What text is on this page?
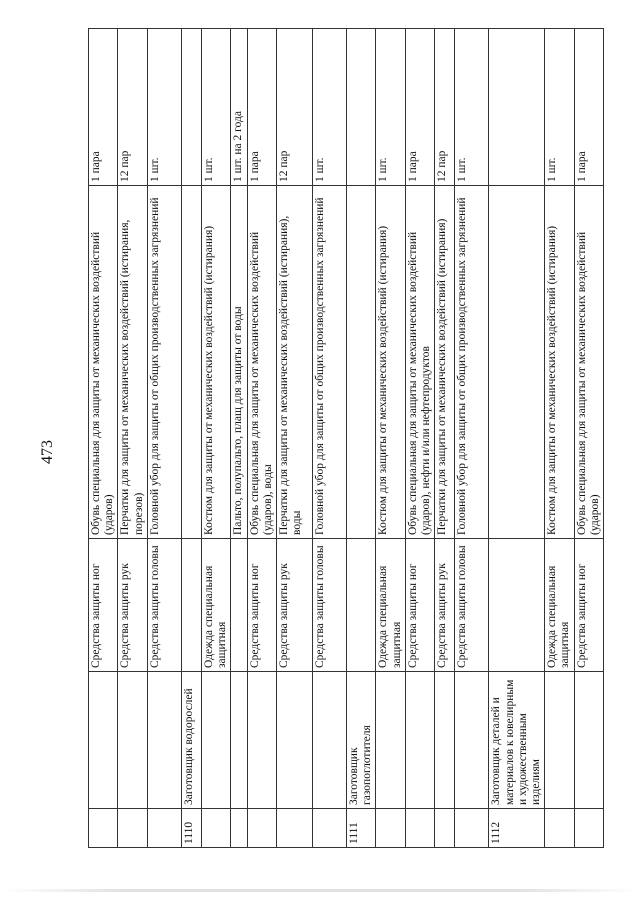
473
		Средства защиты ног	Обувь специальная для защиты от механических воздействий (ударов)	1 пара
		Средства защиты рук	Перчатки для защиты от механических воздействий (истирания, порезов)	12 пар
		Средства защиты головы	Головной убор для защиты от общих производственных загрязнений	1 шт.
1110	Заготовщик водорослей			
		Одежда специальная защитная	Костюм для защиты от механических воздействий (истирания)	1 шт.
			Пальто, полупальто, плащ для защиты от воды	1 шт. на 2 года
		Средства защиты ног	Обувь специальная для защиты от механических воздействий (ударов), воды	1 пара
		Средства защиты рук	Перчатки для защиты от механических воздействий (истирания), воды	12 пар
		Средства защиты головы	Головной убор для защиты от общих производственных загрязнений	1 шт.
1111	Заготовщик газопоглотителя			
		Одежда специальная защитная	Костюм для защиты от механических воздействий (истирания)	1 шт.
		Средства защиты ног	Обувь специальная для защиты от механических воздействий (ударов), нефти и/или нефтепродуктов	1 пара
		Средства защиты рук	Перчатки для защиты от механических воздействий (истирания)	12 пар
		Средства защиты головы	Головной убор для защиты от общих производственных загрязнений	1 шт.
1112	Заготовщик деталей и материалов к ювелирным и художественным изделиям			
		Одежда специальная защитная	Костюм для защиты от механических воздействий (истирания)	1 шт.
		Средства защиты ног	Обувь специальная для защиты от механических воздействий (ударов)	1 пара
